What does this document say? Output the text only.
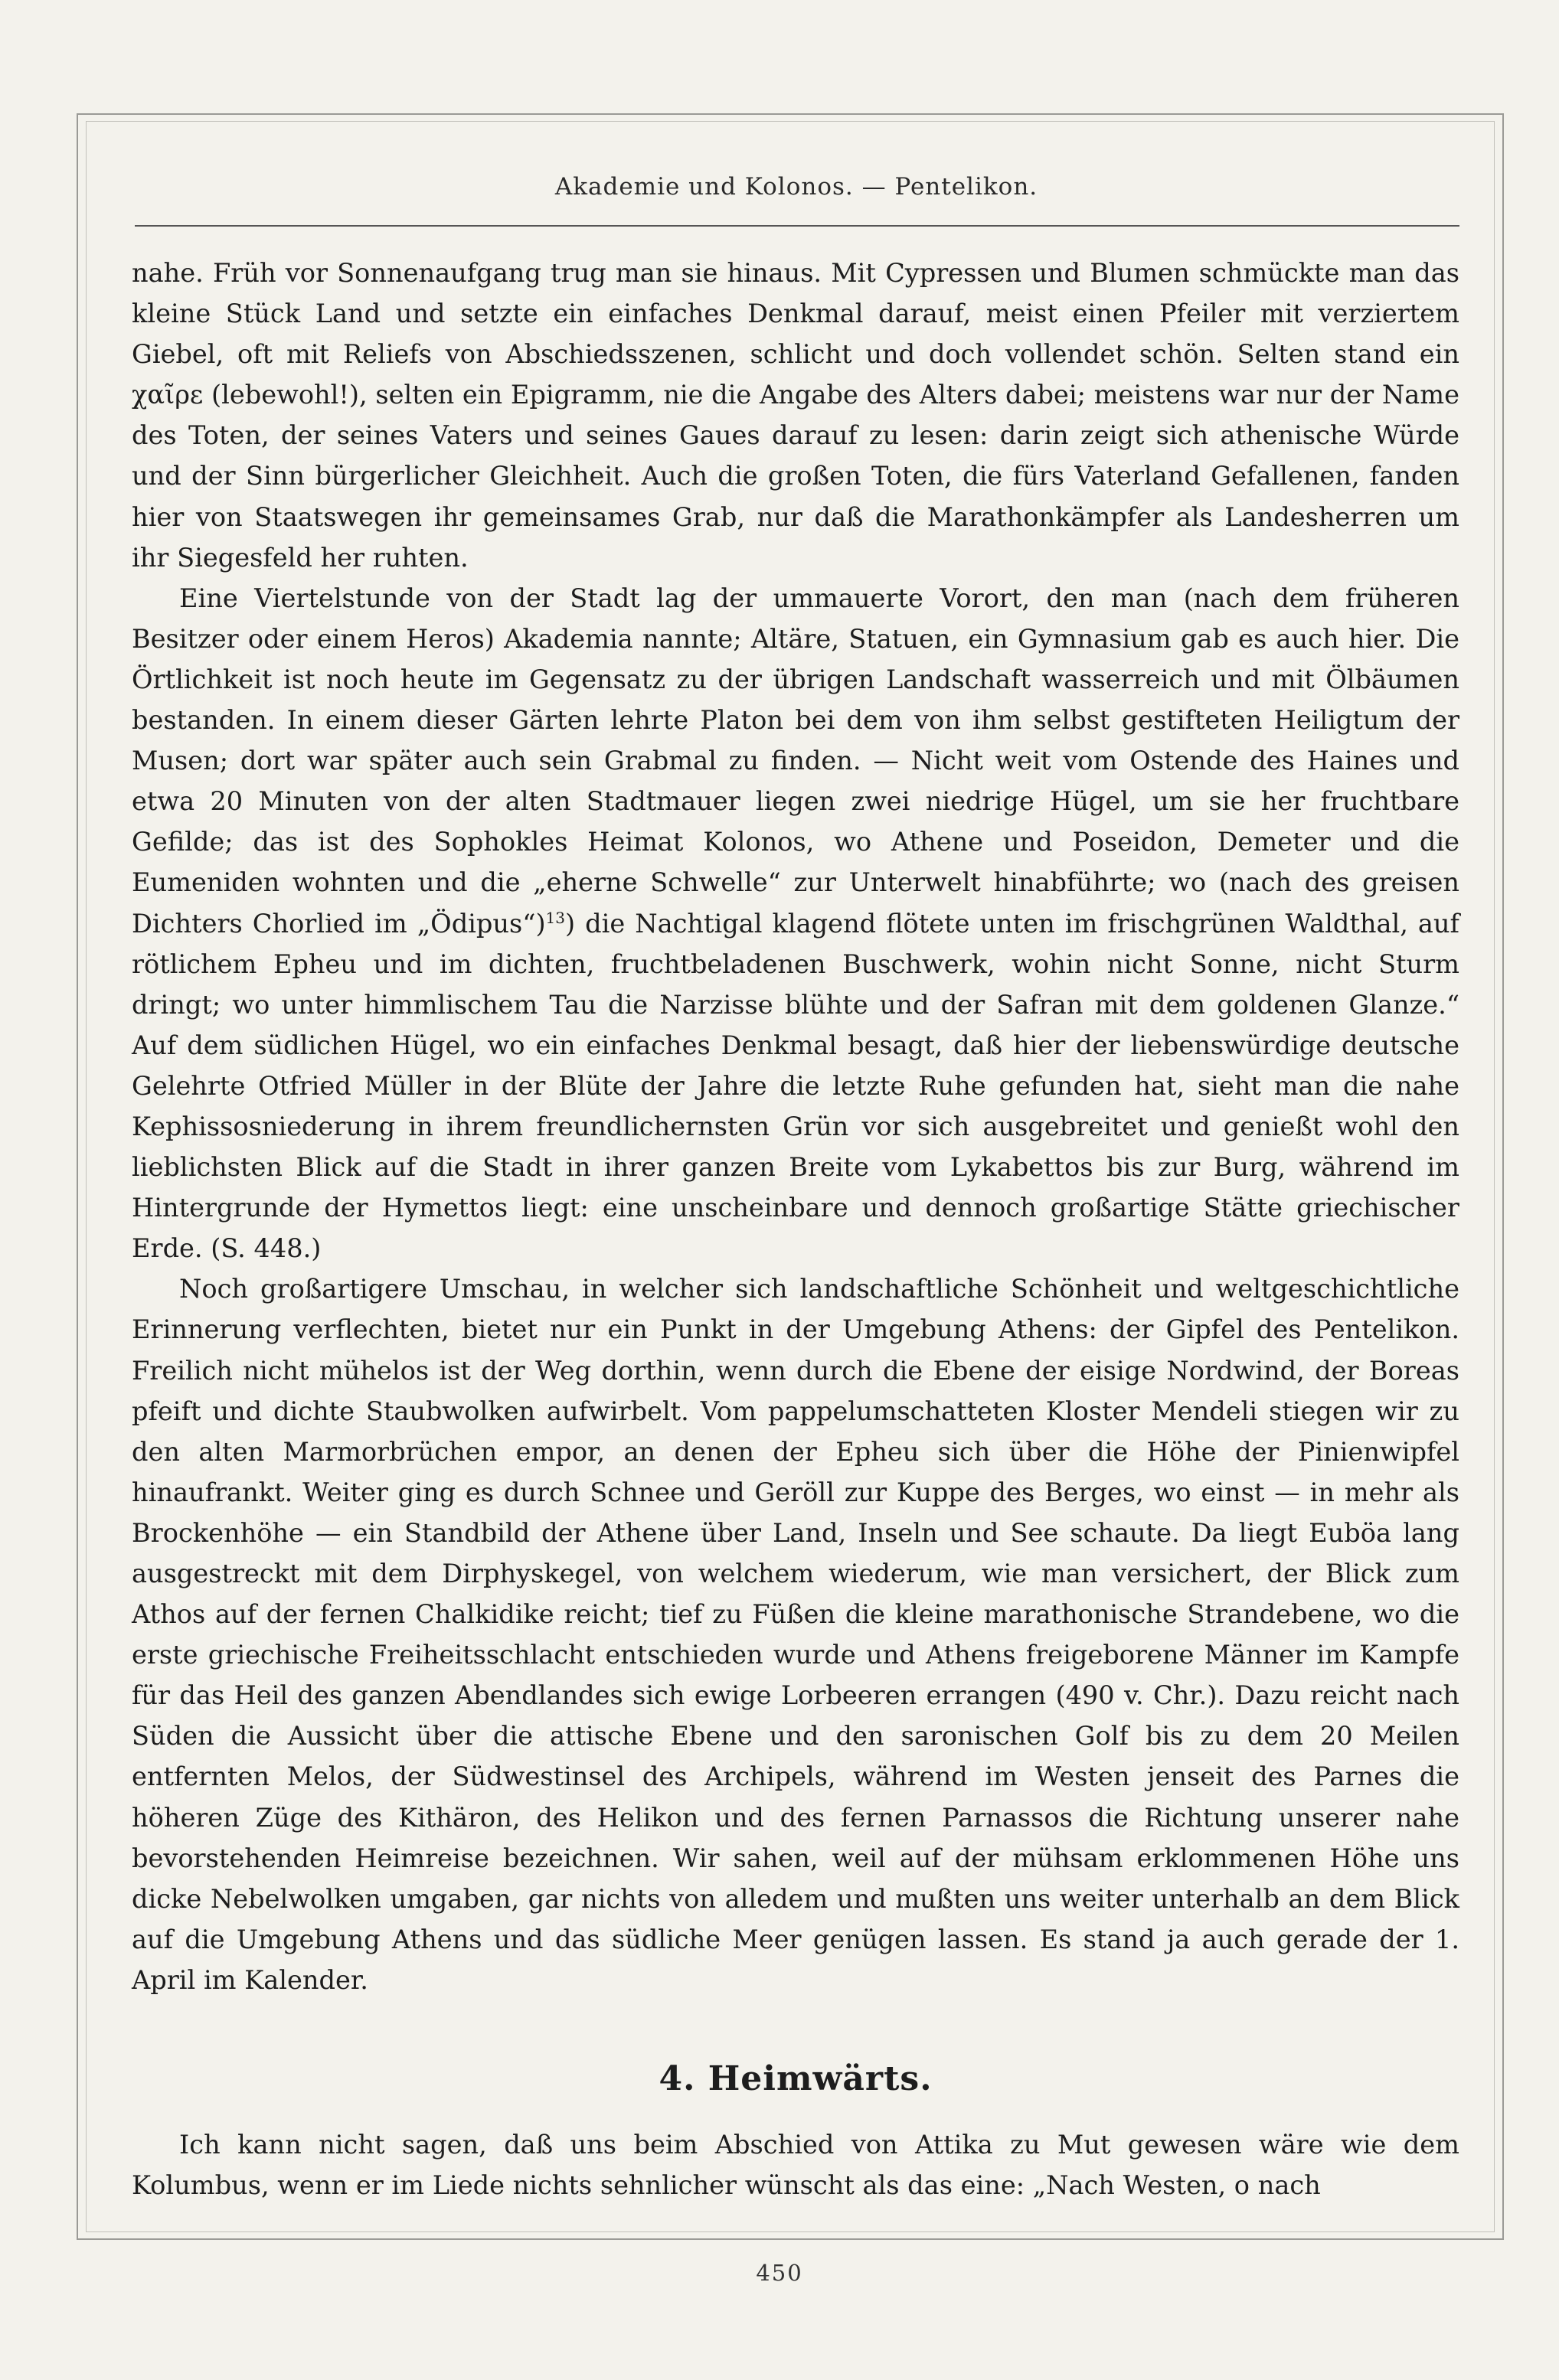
Akademie und Kolonos. — Pentelikon.

nahe. Früh vor Sonnenaufgang trug man sie hinaus. Mit Cypressen und Blumen schmückte man das kleine Stück Land und setzte ein einfaches Denkmal darauf, meist einen Pfeiler mit verziertem Giebel, oft mit Reliefs von Abschiedsszenen, schlicht und doch vollendet schön. Selten stand ein χαῖρε (lebewohl!), selten ein Epigramm, nie die Angabe des Alters dabei; meistens war nur der Name des Toten, der seines Vaters und seines Gaues darauf zu lesen: darin zeigt sich athenische Würde und der Sinn bürgerlicher Gleichheit. Auch die großen Toten, die fürs Vaterland Gefallenen, fanden hier von Staatswegen ihr gemeinsames Grab, nur daß die Marathonkämpfer als Landesherren um ihr Siegesfeld her ruhten.

Eine Viertelstunde von der Stadt lag der ummauerte Vorort, den man (nach dem früheren Besitzer oder einem Heros) Akademia nannte; Altäre, Statuen, ein Gymnasium gab es auch hier. Die Örtlichkeit ist noch heute im Gegensatz zu der übrigen Landschaft wasserreich und mit Ölbäumen bestanden. In einem dieser Gärten lehrte Platon bei dem von ihm selbst gestifteten Heiligtum der Musen; dort war später auch sein Grabmal zu finden. — Nicht weit vom Ostende des Haines und etwa 20 Minuten von der alten Stadtmauer liegen zwei niedrige Hügel, um sie her fruchtbare Gefilde; das ist des Sophokles Heimat Kolonos, wo Athene und Poseidon, Demeter und die Eumeniden wohnten und die „eherne Schwelle“ zur Unterwelt hinabführte; wo (nach des greisen Dichters Chorlied im „Ödipus“)$^{13}$) die Nachtigal klagend flötete unten im frischgrünen Waldthal, auf rötlichem Epheu und im dichten, fruchtbeladenen Buschwerk, wohin nicht Sonne, nicht Sturm dringt; wo unter himmlischem Tau die Narzisse blühte und der Safran mit dem goldenen Glanze.“ Auf dem südlichen Hügel, wo ein einfaches Denkmal besagt, daß hier der liebenswürdige deutsche Gelehrte Otfried Müller in der Blüte der Jahre die letzte Ruhe gefunden hat, sieht man die nahe Kephissosniederung in ihrem freundlichernsten Grün vor sich ausgebreitet und genießt wohl den lieblichsten Blick auf die Stadt in ihrer ganzen Breite vom Lykabettos bis zur Burg, während im Hintergrunde der Hymettos liegt: eine unscheinbare und dennoch großartige Stätte griechischer Erde. (S. 448.)

Noch großartigere Umschau, in welcher sich landschaftliche Schönheit und weltgeschichtliche Erinnerung verflechten, bietet nur ein Punkt in der Umgebung Athens: der Gipfel des Pentelikon. Freilich nicht mühelos ist der Weg dorthin, wenn durch die Ebene der eisige Nordwind, der Boreas pfeift und dichte Staubwolken aufwirbelt. Vom pappelumschatteten Kloster Mendeli stiegen wir zu den alten Marmorbrüchen empor, an denen der Epheu sich über die Höhe der Pinienwipfel hinaufrankt. Weiter ging es durch Schnee und Geröll zur Kuppe des Berges, wo einst — in mehr als Brockenhöhe — ein Standbild der Athene über Land, Inseln und See schaute. Da liegt Euböa lang ausgestreckt mit dem Dirphyskegel, von welchem wiederum, wie man versichert, der Blick zum Athos auf der fernen Chalkidike reicht; tief zu Füßen die kleine marathonische Strandebene, wo die erste griechische Freiheitsschlacht entschieden wurde und Athens freigeborene Männer im Kampfe für das Heil des ganzen Abendlandes sich ewige Lorbeeren errangen (490 v. Chr.). Dazu reicht nach Süden die Aussicht über die attische Ebene und den saronischen Golf bis zu dem 20 Meilen entfernten Melos, der Südwestinsel des Archipels, während im Westen jenseit des Parnes die höheren Züge des Kithäron, des Helikon und des fernen Parnassos die Richtung unserer nahe bevorstehenden Heimreise bezeichnen. Wir sahen, weil auf der mühsam erklommenen Höhe uns dicke Nebelwolken umgaben, gar nichts von alledem und mußten uns weiter unterhalb an dem Blick auf die Umgebung Athens und das südliche Meer genügen lassen. Es stand ja auch gerade der 1. April im Kalender.

4. Heimwärts.

Ich kann nicht sagen, daß uns beim Abschied von Attika zu Mut gewesen wäre wie dem Kolumbus, wenn er im Liede nichts sehnlicher wünscht als das eine: „Nach Westen, o nach

450
